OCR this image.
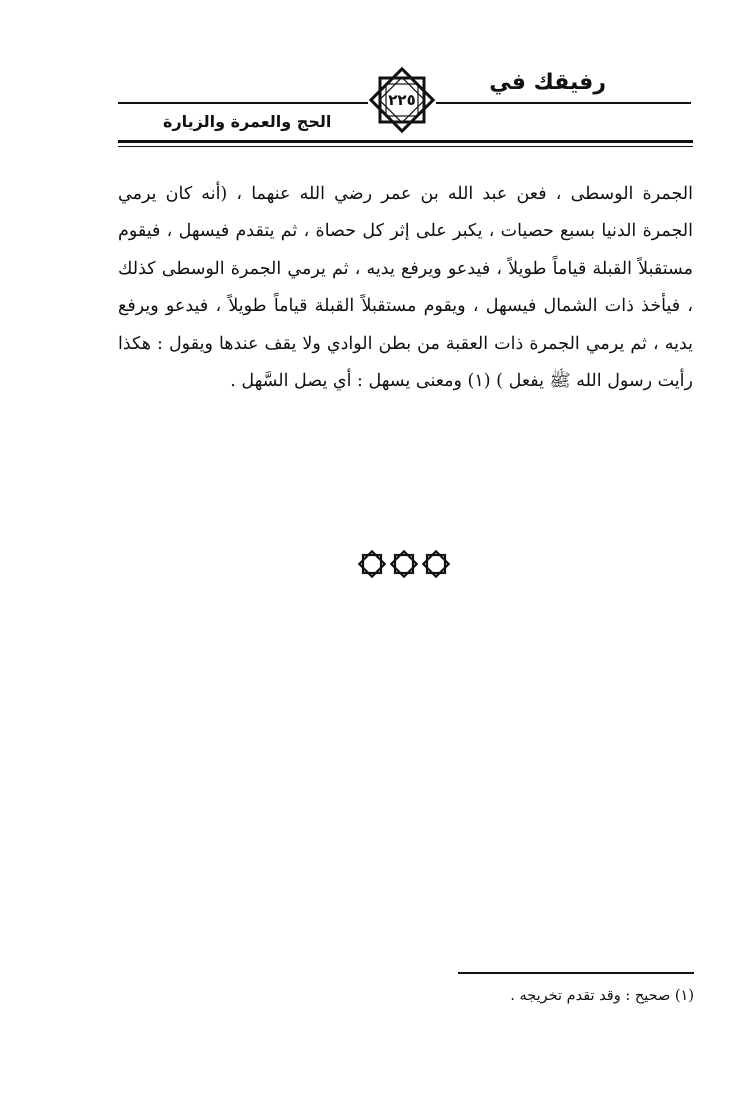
رفيقك في
٢٢٥
الحج والعمرة والزيارة

الجمرة الوسطى ، فعن عبد الله بن عمر رضي الله عنهما ، (أنه كان يرمي الجمرة الدنيا بسبع حصيات ، يكبر على إثر كل حصاة ، ثم يتقدم فيسهل ، فيقوم مستقبلاً القبلة قياماً طويلاً ، فيدعو ويرفع يديه ، ثم يرمي الجمرة الوسطى كذلك ، فيأخذ ذات الشمال فيسهل ، ويقوم مستقبلاً القبلة قياماً طويلاً ، فيدعو ويرفع يديه ، ثم يرمي الجمرة ذات العقبة من بطن الوادي ولا يقف عندها ويقول : هكذا رأيت رسول الله ﷺ يفعل ) (١) ومعنى يسهل : أي يصل السَّهل .

(١) صحيح : وقد تقدم تخريجه .
